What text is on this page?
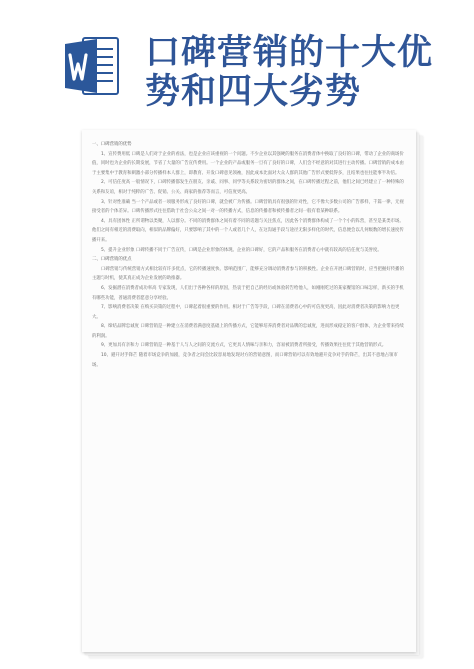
口碑营销的十大优
势和四大劣势

一、口碑营销的优势

1、宣传费用低 口碑是人们对于企业的看法，也是企业应该重视的一个问题。不少企业以其强硬的服务在消费者体中换取了良好的口碑，带动了企业的商场价值，同时也为企业的长期发展，节省了大量的广告宣传费用。一个企业的产品或服务一旦有了良好的口碑，人们会不经意的对其进行主动传播。口碑营销的成本由于主要集中于教育和刺激小部分传播样本人群上，即教育、开发口碑意见领袖，因此成本比面对大众人群的其他广告形式要低得多，且结果也往往能事半功倍。

2、可信任度高 一般情况下，口碑传播都发生在朋友、亲戚、同事、同学等关系较为密切的群体之间，在口碑传播过程之前，他们之间已经建立了一种特殊的关系和友谊，相对于纯粹的广告、促销、公关、商家的推荐等而言，可信度更高。

3、针对性准确 当一个产品或者一项服务形成了良好的口碑，就会被广为传播。口碑营销具有很强的针对性，它不像大多数公司的广告那样，千篇一律，无视接受者的个体差异。口碑传播形式往往借助于社会公众之间一对一的传播方式，信息的传播者和被传播者之间一般有着某种联系。

4、具有团体性 正所谓物以类聚，人以群分。不同的消费群体之间有着不同的话题与关注焦点，因此各个消费群体构成了一个个小的阵营，甚至是某类市场。他们之间有相近的消费取向，相似的品牌偏好，只要影响了其中的一个人或者几个人，在这沟通手段与途径无限多样化的时代，信息便会以几何级数的增长速度传播开来。

5、提升企业形象 口碑传播不同于广告宣传，口碑是企业形象的体现。企业的口碑好，它的产品和服务在消费者心中就有较高的信任度与美誉度。

二、口碑营销的优点

口碑营销与传统营销方式相比较有许多优点，它的传播速度快、影响范围广，能够充分调动消费者参与的积极性。企业在开展口碑营销时，应当把握好传播的主题与时机，使其真正成为企业发展的助推器。

6、发掘潜在消费者成功率高 专家发现，人们出于各种各样的原因，热衷于把自己的经历或体验转告给他人，如刚刚吃过的某家餐馆的口味怎样，新买的手机有哪些功能，普通消费者愿意分享经验。

7、影响消费者决策 在购买决策的过程中，口碑起着很重要的作用。相对于广告等手段，口碑在消费者心中的可信度更高，因此对消费者决策的影响力也更大。

8、缔结品牌忠诚度 口碑营销是一种建立在消费者满意度基础上的传播方式，它能够培养消费者对品牌的忠诚度，进而形成稳定的客户群体，为企业带来持续的利润。

9、更加具有亲和力 口碑营销是一种基于人与人之间的交流方式，它更具人情味与亲和力，容易被消费者所接受，传播效果往往优于其他营销形式。

10、避开对手锋芒 随着市场竞争的加剧，竞争者之间会比较容易地发现对方的营销意图，而口碑营销可以有效地避开竞争对手的锋芒，出其不意地占领市场。
